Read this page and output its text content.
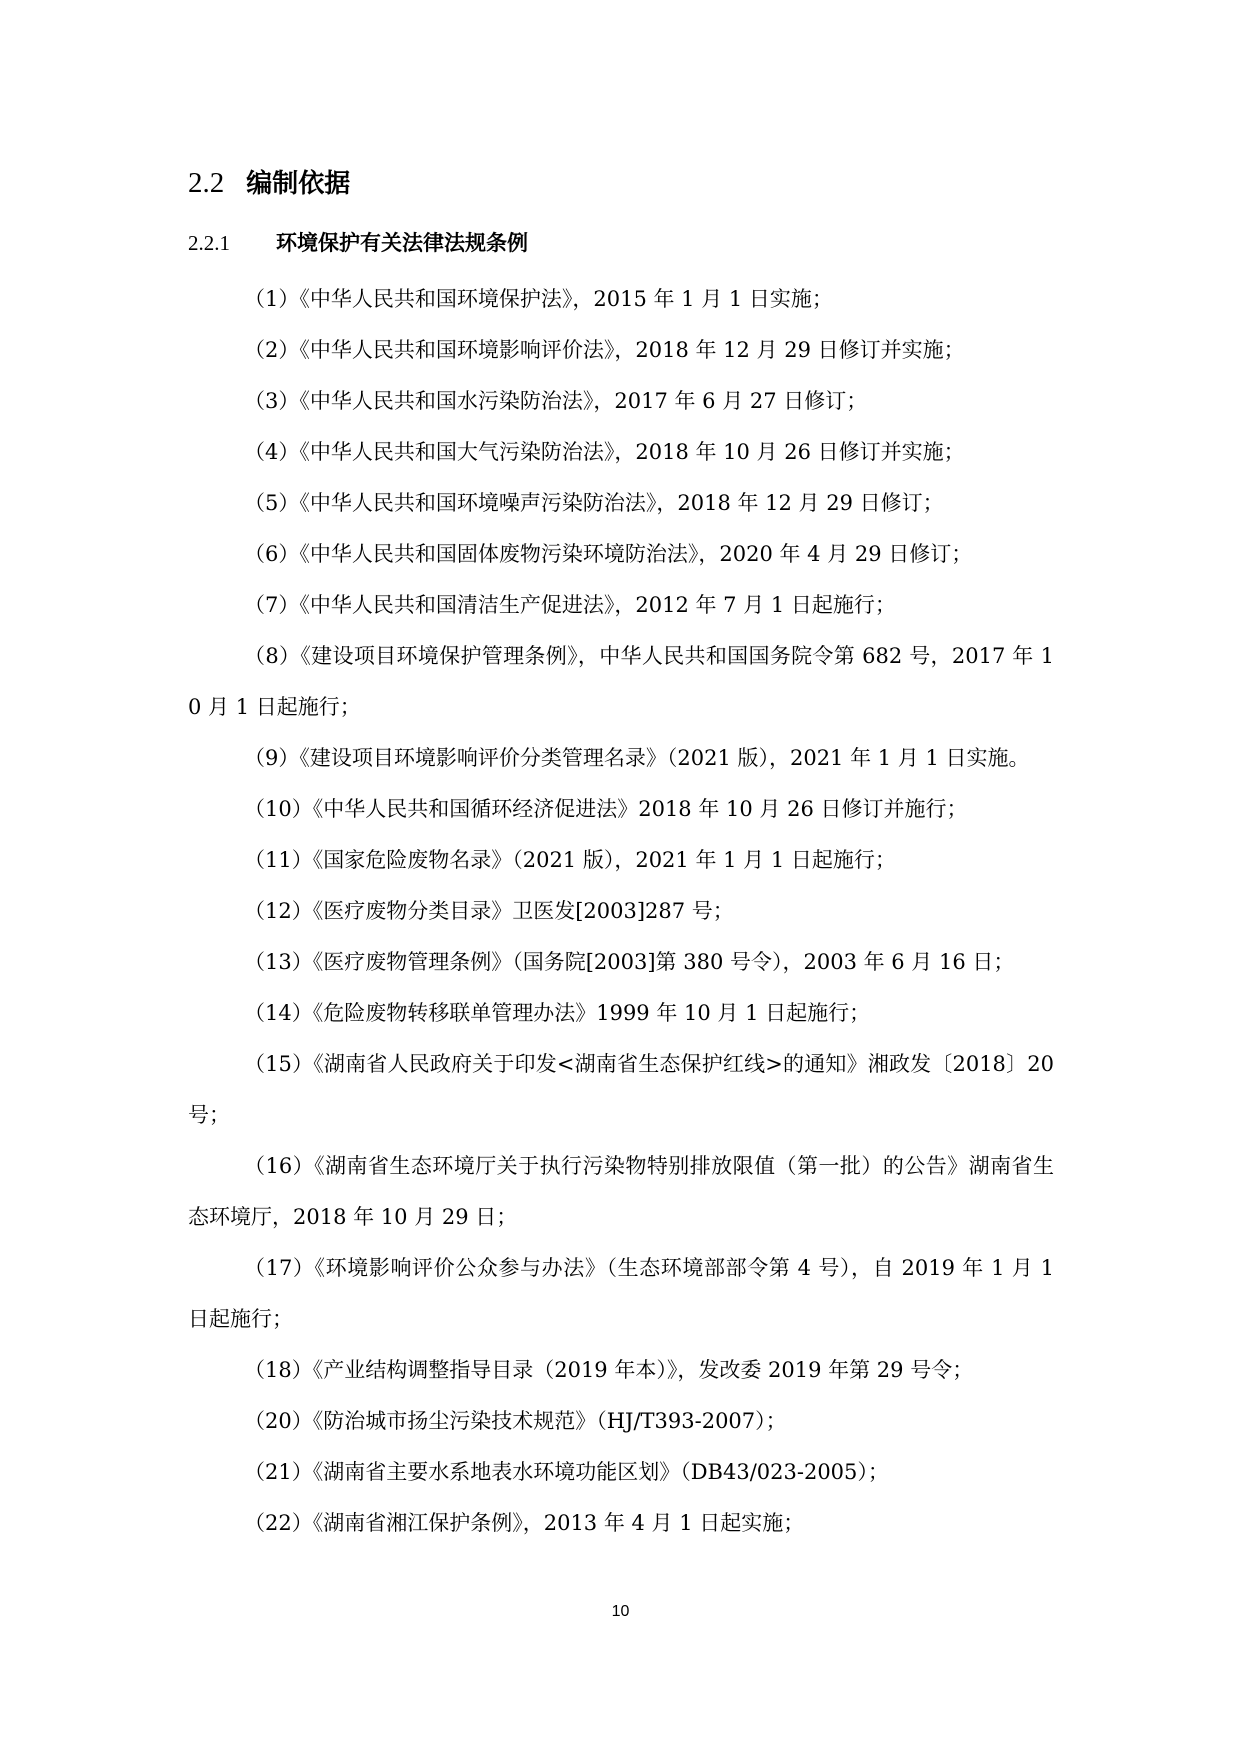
2.2 编制依据
2.2.1 环境保护有关法律法规条例
（1）《中华人民共和国环境保护法》，2015 年 1 月 1 日实施；
（2）《中华人民共和国环境影响评价法》，2018 年 12 月 29 日修订并实施；
（3）《中华人民共和国水污染防治法》，2017 年 6 月 27 日修订；
（4）《中华人民共和国大气污染防治法》，2018 年 10 月 26 日修订并实施；
（5）《中华人民共和国环境噪声污染防治法》，2018 年 12 月 29 日修订；
（6）《中华人民共和国固体废物污染环境防治法》，2020 年 4 月 29 日修订；
（7）《中华人民共和国清洁生产促进法》，2012 年 7 月 1 日起施行；
（8）《建设项目环境保护管理条例》，中华人民共和国国务院令第 682 号，2017 年 10 月 1 日起施行；
（9）《建设项目环境影响评价分类管理名录》（2021 版），2021 年 1 月 1 日实施。
（10）《中华人民共和国循环经济促进法》2018 年 10 月 26 日修订并施行；
（11）《国家危险废物名录》（2021 版），2021 年 1 月 1 日起施行；
（12）《医疗废物分类目录》卫医发[2003]287 号；
（13）《医疗废物管理条例》（国务院[2003]第 380 号令），2003 年 6 月 16 日；
（14）《危险废物转移联单管理办法》1999 年 10 月 1 日起施行；
（15）《湖南省人民政府关于印发<湖南省生态保护红线>的通知》湘政发〔2018〕20 号；
（16）《湖南省生态环境厅关于执行污染物特别排放限值（第一批）的公告》湖南省生态环境厅，2018 年 10 月 29 日；
（17）《环境影响评价公众参与办法》（生态环境部部令第 4 号），自 2019 年 1 月 1 日起施行；
（18）《产业结构调整指导目录（2019 年本）》，发改委 2019 年第 29 号令；
（20）《防治城市扬尘污染技术规范》（HJ/T393-2007）；
（21）《湖南省主要水系地表水环境功能区划》（DB43/023-2005）；
（22）《湖南省湘江保护条例》，2013 年 4 月 1 日起实施；
10
